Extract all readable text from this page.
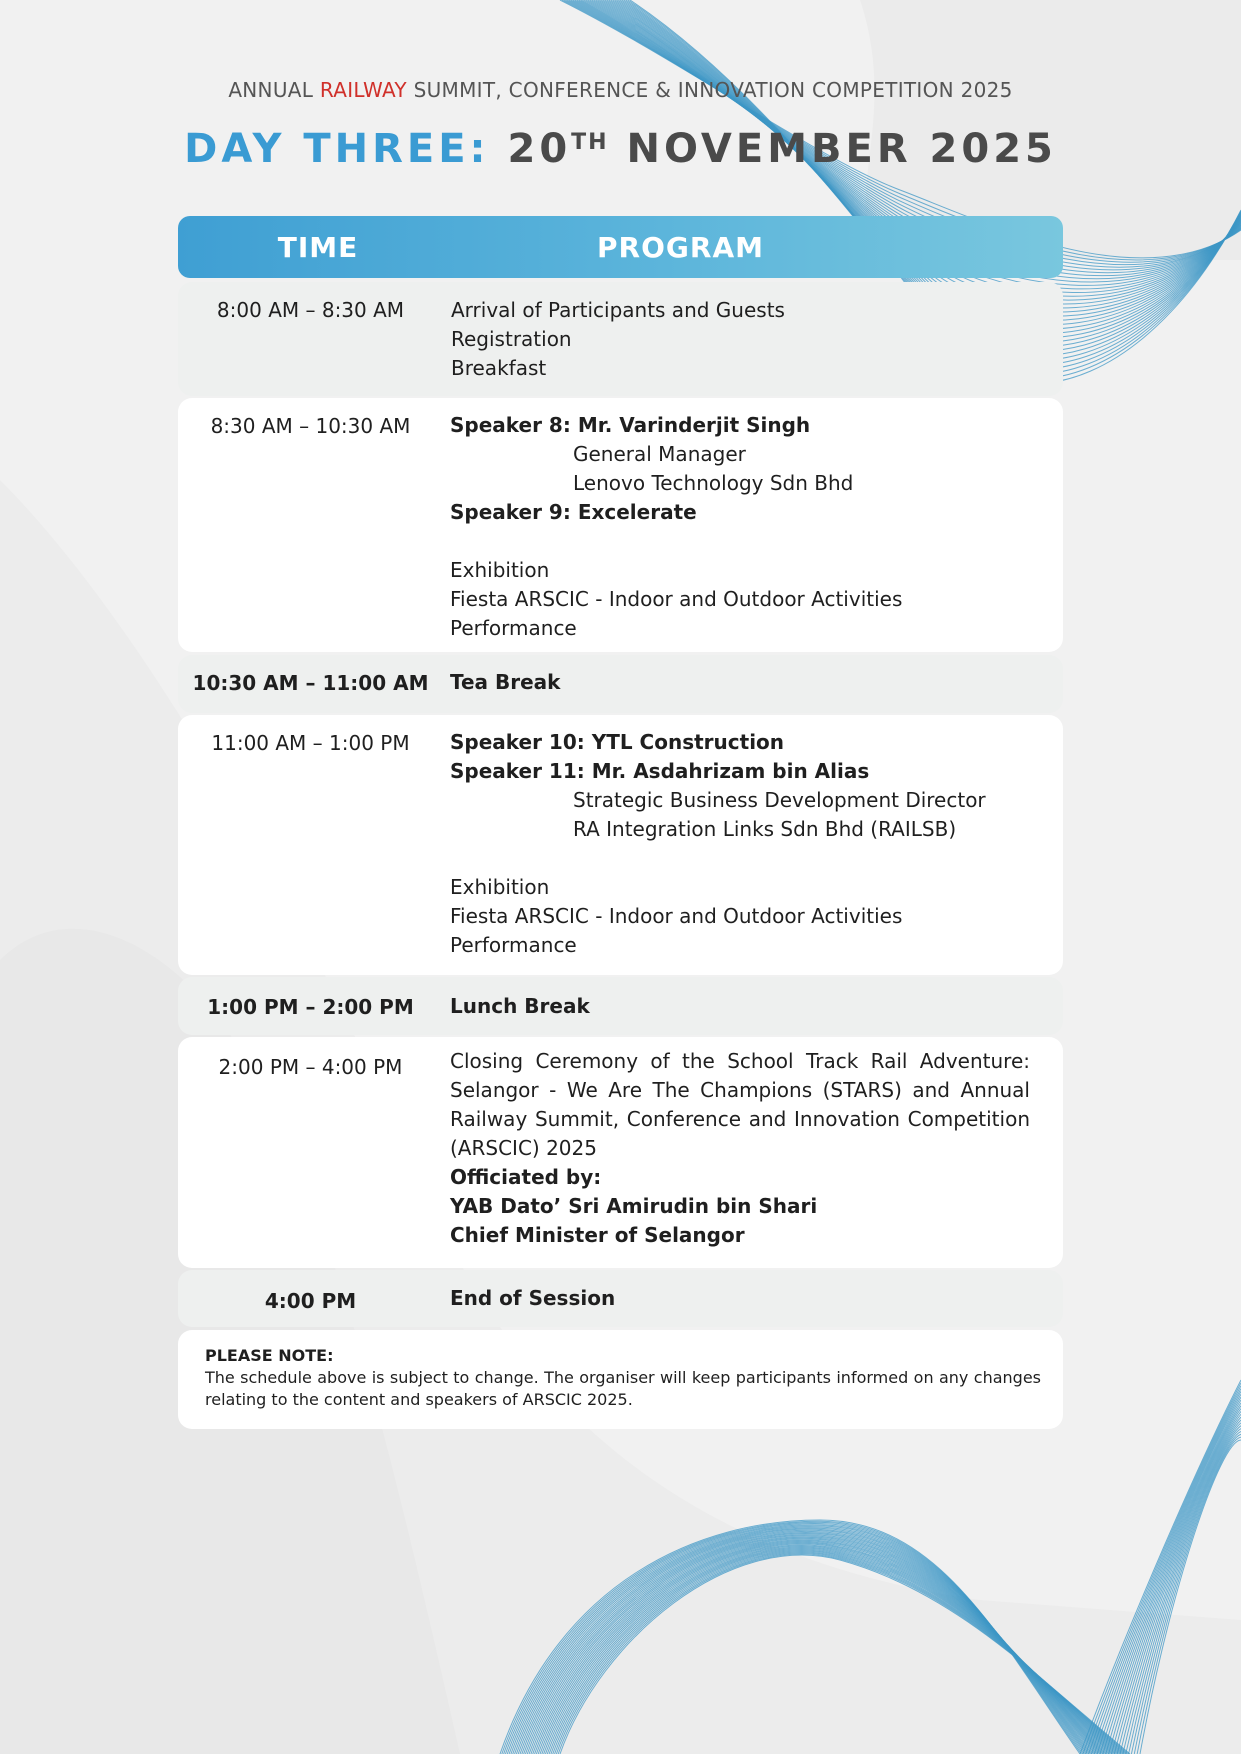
ANNUAL RAILWAY SUMMIT, CONFERENCE & INNOVATION COMPETITION 2025
DAY THREE: 20TH NOVEMBER 2025
TIME	PROGRAM
8:00 AM – 8:30 AM	Arrival of Participants and Guests
Registration
Breakfast
8:30 AM – 10:30 AM	Speaker 8: Mr. Varinderjit Singh
General Manager
Lenovo Technology Sdn Bhd
Speaker 9: Excelerate

Exhibition
Fiesta ARSCIC - Indoor and Outdoor Activities
Performance
10:30 AM – 11:00 AM	Tea Break
11:00 AM – 1:00 PM	Speaker 10: YTL Construction
Speaker 11: Mr. Asdahrizam bin Alias
Strategic Business Development Director
RA Integration Links Sdn Bhd (RAILSB)

Exhibition
Fiesta ARSCIC - Indoor and Outdoor Activities
Performance
1:00 PM – 2:00 PM	Lunch Break
2:00 PM – 4:00 PM	Closing Ceremony of the School Track Rail Adventure: Selangor - We Are The Champions (STARS) and Annual Railway Summit, Conference and Innovation Competition (ARSCIC) 2025
Officiated by:
YAB Dato’ Sri Amirudin bin Shari
Chief Minister of Selangor
4:00 PM	End of Session
PLEASE NOTE:
The schedule above is subject to change. The organiser will keep participants informed on any changes relating to the content and speakers of ARSCIC 2025.
